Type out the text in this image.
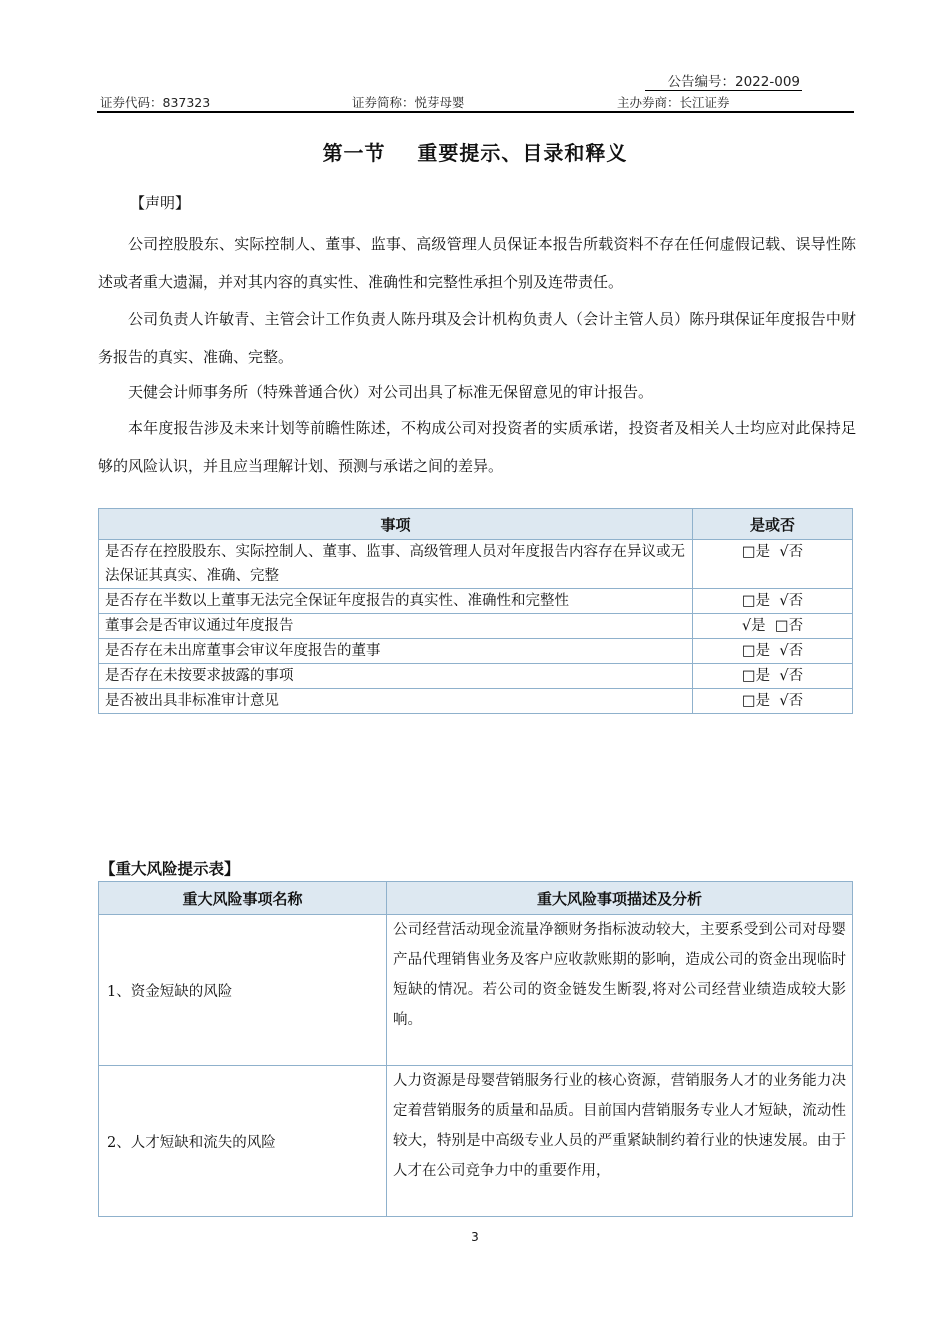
公告编号：2022-009
证券代码：837323	证券简称：悦芽母婴	主办券商：长江证券
第一节    重要提示、目录和释义
【声明】

公司控股股东、实际控制人、董事、监事、高级管理人员保证本报告所载资料不存在任何虚假记载、误导性陈述或者重大遗漏，并对其内容的真实性、准确性和完整性承担个别及连带责任。

公司负责人许敏青、主管会计工作负责人陈丹琪及会计机构负责人（会计主管人员）陈丹琪保证年度报告中财务报告的真实、准确、完整。

天健会计师事务所（特殊普通合伙）对公司出具了标准无保留意见的审计报告。

本年度报告涉及未来计划等前瞻性陈述，不构成公司对投资者的实质承诺，投资者及相关人士均应对此保持足够的风险认识，并且应当理解计划、预测与承诺之间的差异。

事项	是或否
是否存在控股股东、实际控制人、董事、监事、高级管理人员对年度报告内容存在异议或无法保证其真实、准确、完整	□是  √否
是否存在半数以上董事无法完全保证年度报告的真实性、准确性和完整性	□是  √否
董事会是否审议通过年度报告	√是  □否
是否存在未出席董事会审议年度报告的董事	□是  √否
是否存在未按要求披露的事项	□是  √否
是否被出具非标准审计意见	□是  √否
【重大风险提示表】
重大风险事项名称	重大风险事项描述及分析
1、资金短缺的风险	公司经营活动现金流量净额财务指标波动较大，主要系受到公司对母婴产品代理销售业务及客户应收款账期的影响，造成公司的资金出现临时短缺的情况。若公司的资金链发生断裂,将对公司经营业绩造成较大影响。
2、人才短缺和流失的风险	人力资源是母婴营销服务行业的核心资源，营销服务人才的业务能力决定着营销服务的质量和品质。目前国内营销服务专业人才短缺，流动性较大，特别是中高级专业人员的严重紧缺制约着行业的快速发展。由于人才在公司竞争力中的重要作用，
3
